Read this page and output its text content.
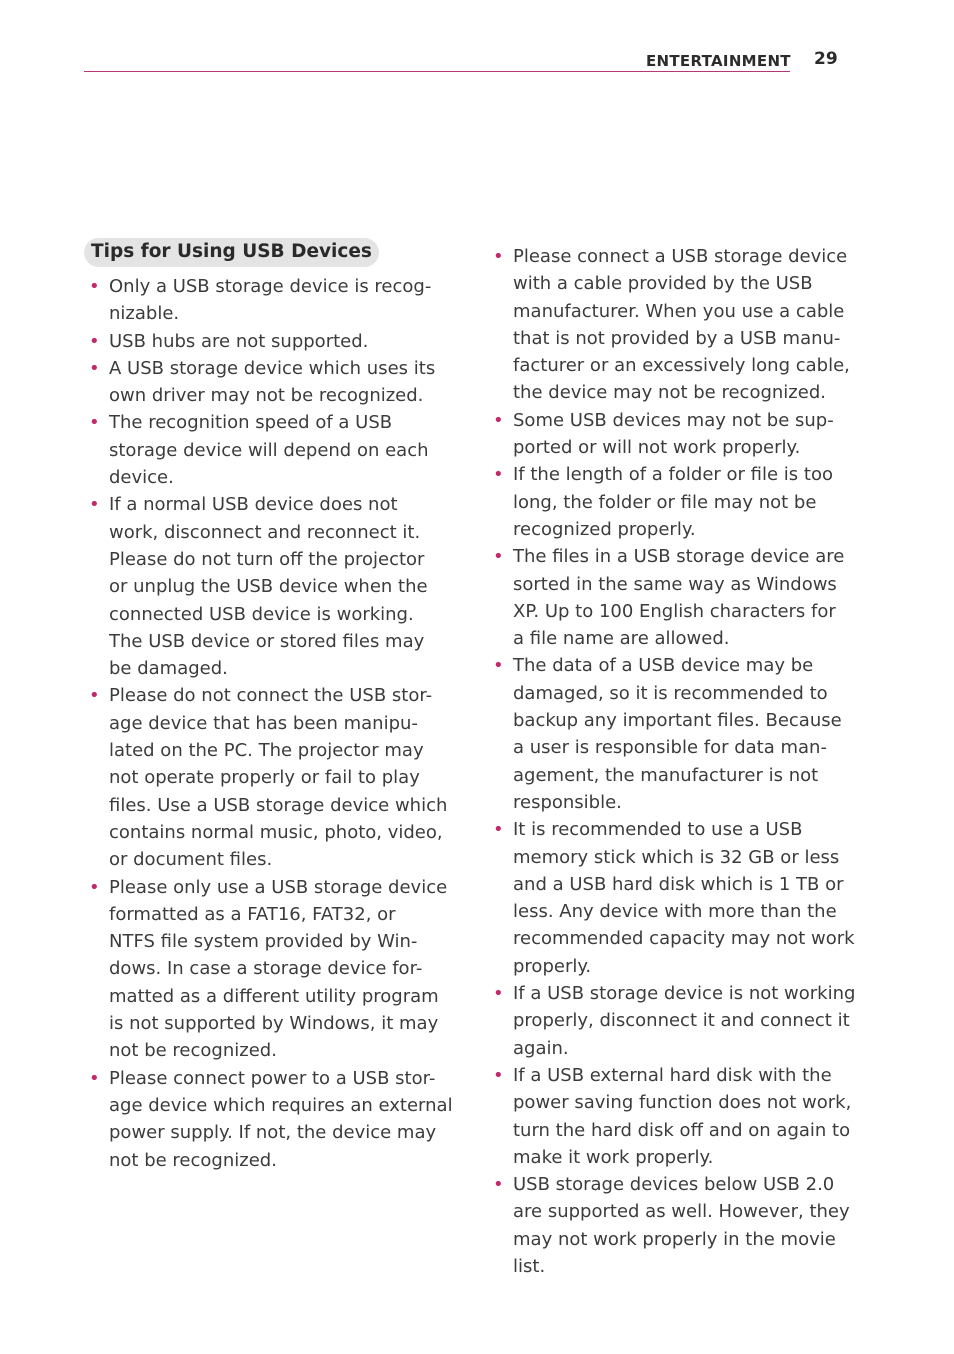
ENTERTAINMENT 29
Tips for Using USB Devices
• Only a USB storage device is recog-
nizable.
• USB hubs are not supported.
• A USB storage device which uses its
own driver may not be recognized.
• The recognition speed of a USB
storage device will depend on each
device.
• If a normal USB device does not
work, disconnect and reconnect it.
Please do not turn off the projector
or unplug the USB device when the
connected USB device is working.
The USB device or stored files may
be damaged.
• Please do not connect the USB stor-
age device that has been manipu-
lated on the PC. The projector may
not operate properly or fail to play
files. Use a USB storage device which
contains normal music, photo, video,
or document files.
• Please only use a USB storage device
formatted as a FAT16, FAT32, or
NTFS file system provided by Win-
dows. In case a storage device for-
matted as a different utility program
is not supported by Windows, it may
not be recognized.
• Please connect power to a USB stor-
age device which requires an external
power supply. If not, the device may
not be recognized.
• Please connect a USB storage device
with a cable provided by the USB
manufacturer. When you use a cable
that is not provided by a USB manu-
facturer or an excessively long cable,
the device may not be recognized.
• Some USB devices may not be sup-
ported or will not work properly.
• If the length of a folder or file is too
long, the folder or file may not be
recognized properly.
• The files in a USB storage device are
sorted in the same way as Windows
XP. Up to 100 English characters for
a file name are allowed.
• The data of a USB device may be
damaged, so it is recommended to
backup any important files. Because
a user is responsible for data man-
agement, the manufacturer is not
responsible.
• It is recommended to use a USB
memory stick which is 32 GB or less
and a USB hard disk which is 1 TB or
less. Any device with more than the
recommended capacity may not work
properly.
• If a USB storage device is not working
properly, disconnect it and connect it
again.
• If a USB external hard disk with the
power saving function does not work,
turn the hard disk off and on again to
make it work properly.
• USB storage devices below USB 2.0
are supported as well. However, they
may not work properly in the movie
list.
